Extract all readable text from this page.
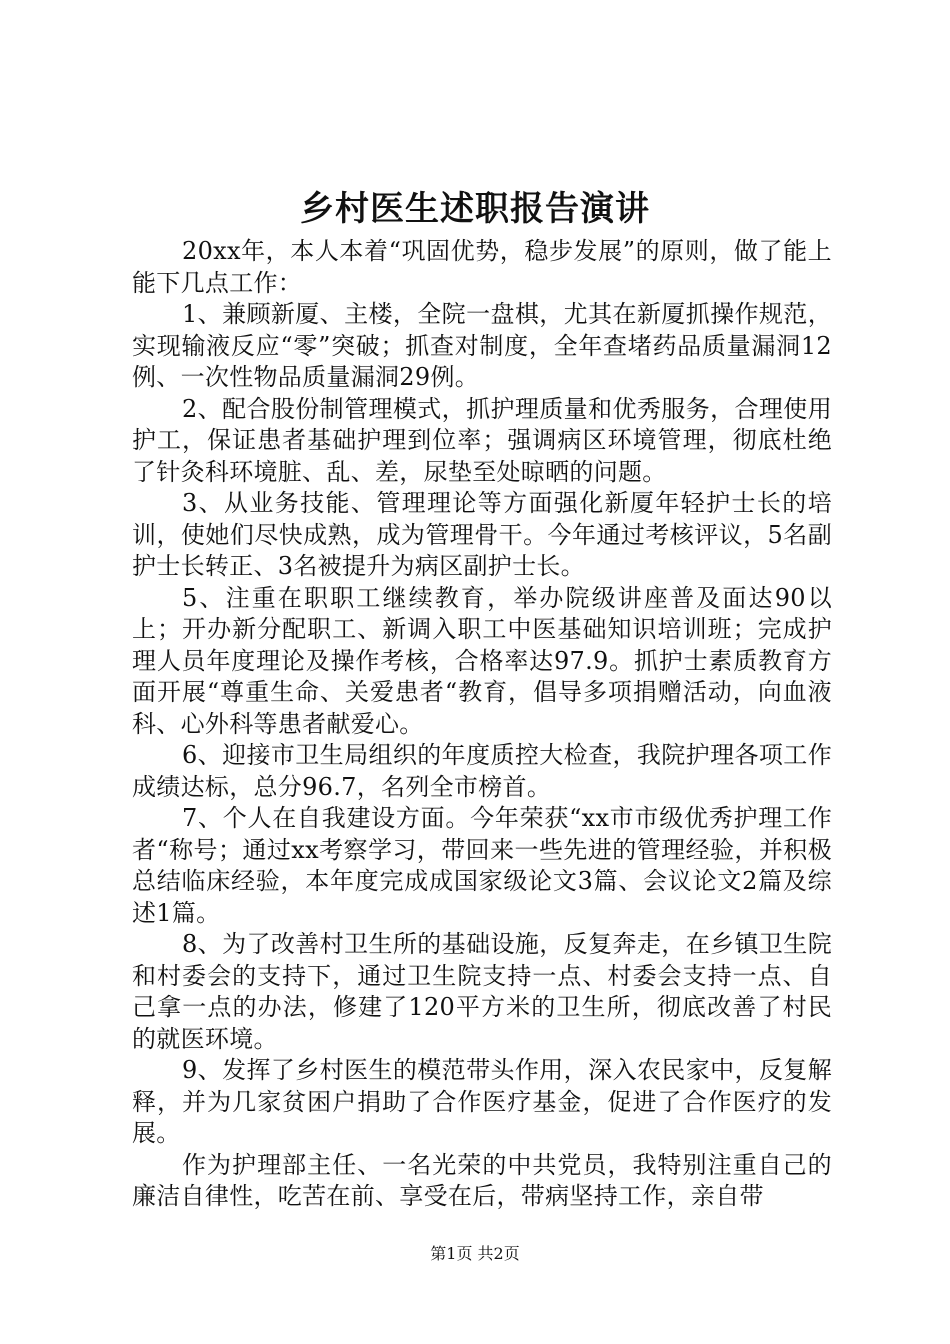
乡村医生述职报告演讲

20xx年，本人本着“巩固优势，稳步发展”的原则，做了能上能下几点工作：

1、兼顾新厦、主楼，全院一盘棋，尤其在新厦抓操作规范，实现输液反应“零”突破；抓查对制度，全年查堵药品质量漏洞12例、一次性物品质量漏洞29例。

2、配合股份制管理模式，抓护理质量和优秀服务，合理使用护工，保证患者基础护理到位率；强调病区环境管理，彻底杜绝了针灸科环境脏、乱、差，尿垫至处晾晒的问题。

3、从业务技能、管理理论等方面强化新厦年轻护士长的培训，使她们尽快成熟，成为管理骨干。今年通过考核评议，5名副护士长转正、3名被提升为病区副护士长。

5、注重在职职工继续教育，举办院级讲座普及面达90以上；开办新分配职工、新调入职工中医基础知识培训班；完成护理人员年度理论及操作考核，合格率达97.9。抓护士素质教育方面开展“尊重生命、关爱患者“教育，倡导多项捐赠活动，向血液科、心外科等患者献爱心。

6、迎接市卫生局组织的年度质控大检查，我院护理各项工作成绩达标，总分96.7，名列全市榜首。

7、个人在自我建设方面。今年荣获“xx市市级优秀护理工作者“称号；通过xx考察学习，带回来一些先进的管理经验，并积极总结临床经验，本年度完成成国家级论文3篇、会议论文2篇及综述1篇。

8、为了改善村卫生所的基础设施，反复奔走，在乡镇卫生院和村委会的支持下，通过卫生院支持一点、村委会支持一点、自己拿一点的办法，修建了120平方米的卫生所，彻底改善了村民的就医环境。

9、发挥了乡村医生的模范带头作用，深入农民家中，反复解释，并为几家贫困户捐助了合作医疗基金，促进了合作医疗的发展。

作为护理部主任、一名光荣的中共党员，我特别注重自己的廉洁自律性，吃苦在前、享受在后，带病坚持工作，亲自带

第1页 共2页
